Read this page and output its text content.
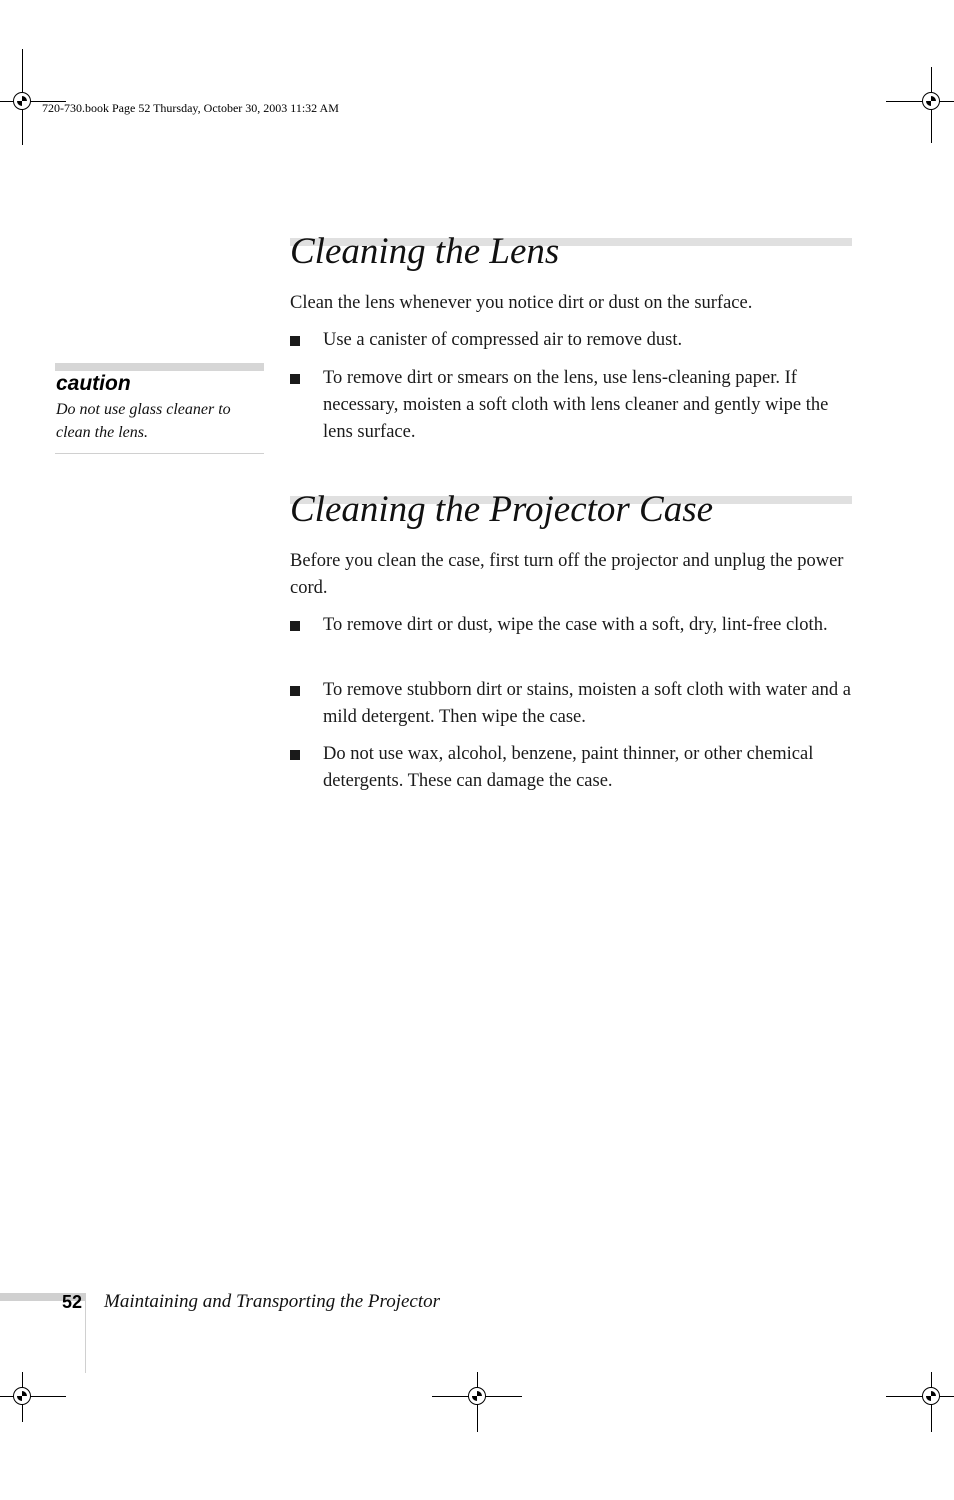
720-730.book Page 52 Thursday, October 30, 2003 11:32 AM
Cleaning the Lens

Clean the lens whenever you notice dirt or dust on the surface.

Use a canister of compressed air to remove dust.
To remove dirt or smears on the lens, use lens-cleaning paper. If necessary, moisten a soft cloth with lens cleaner and gently wipe the lens surface.
Cleaning the Projector Case

Before you clean the case, first turn off the projector and unplug the power cord.

To remove dirt or dust, wipe the case with a soft, dry, lint-free cloth.
To remove stubborn dirt or stains, moisten a soft cloth with water and a mild detergent. Then wipe the case.
Do not use wax, alcohol, benzene, paint thinner, or other chemical detergents. These can damage the case.
caution
Do not use glass cleaner to clean the lens.
52 Maintaining and Transporting the Projector
